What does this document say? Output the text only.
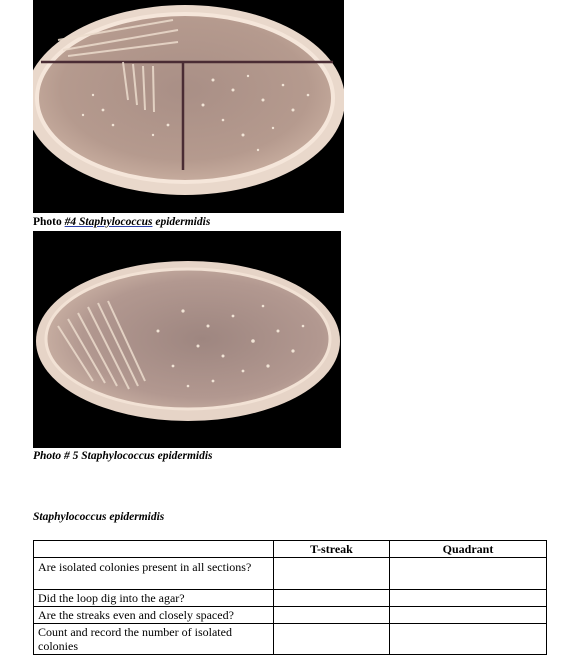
Photo #4 Staphylococcus epidermidis
Photo # 5 Staphylococcus epidermidis
Staphylococcus epidermidis
	T-streak	Quadrant
Are isolated colonies present in all sections?		
Did the loop dig into the agar?		
Are the streaks even and closely spaced?		
Count and record the number of isolated colonies		
